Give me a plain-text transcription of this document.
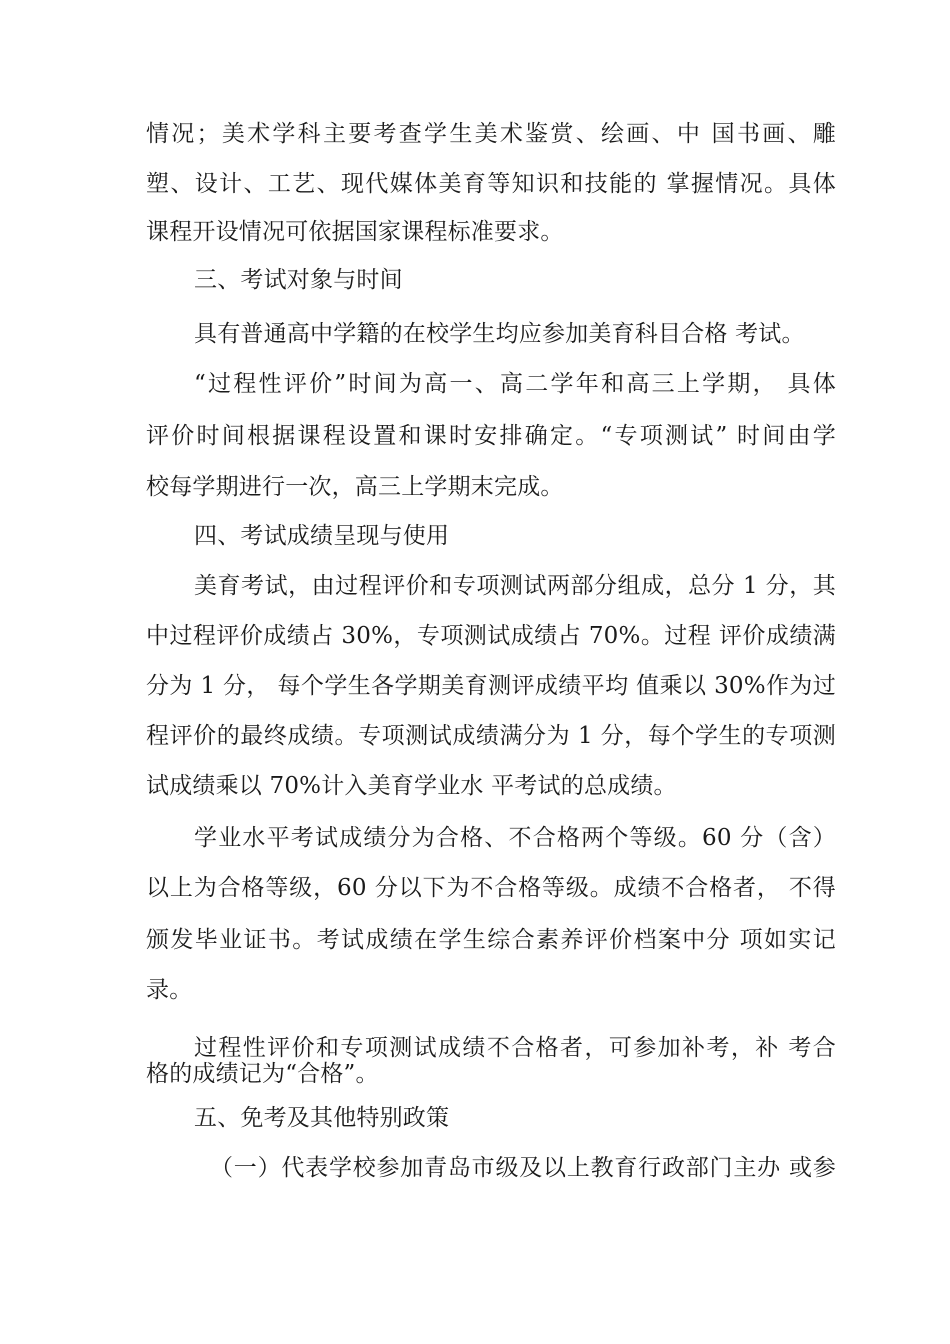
情况；美术学科主要考查学生美术鉴赏、绘画、中 国书画、雕
塑、设计、工艺、现代媒体美育等知识和技能的 掌握情况。具体
课程开设情况可依据国家课程标准要求。
三、考试对象与时间
具有普通高中学籍的在校学生均应参加美育科目合格 考试。
“过程性评价”时间为高一、高二学年和高三上学期， 具体
评价时间根据课程设置和课时安排确定。“专项测试” 时间由学
校每学期进行一次，高三上学期末完成。
四、考试成绩呈现与使用
美育考试，由过程评价和专项测试两部分组成，总分 1 分，其
中过程评价成绩占 30%，专项测试成绩占 70%。过程 评价成绩满
分为 1 分， 每个学生各学期美育测评成绩平均 值乘以 30%作为过
程评价的最终成绩。专项测试成绩满分为 1 分，每个学生的专项测
试成绩乘以 70%计入美育学业水 平考试的总成绩。
学业水平考试成绩分为合格、不合格两个等级。60 分（含）
以上为合格等级，60 分以下为不合格等级。成绩不合格者， 不得
颁发毕业证书。考试成绩在学生综合素养评价档案中分 项如实记
录。
过程性评价和专项测试成绩不合格者，可参加补考，补 考合
格的成绩记为“合格”。
五、免考及其他特别政策
（一）代表学校参加青岛市级及以上教育行政部门主办 或参
